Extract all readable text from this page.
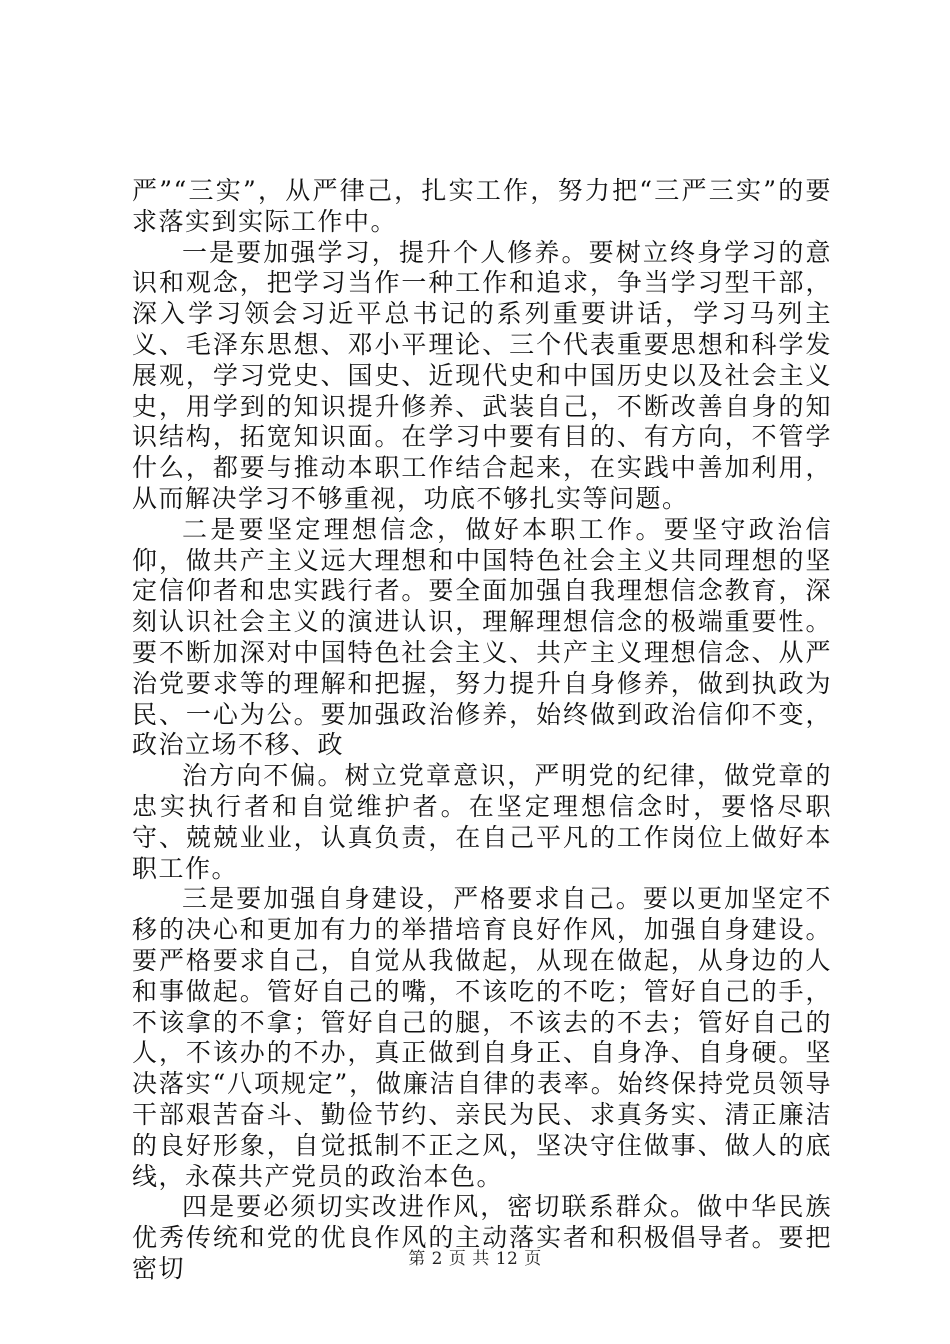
严”“三实”，从严律己，扎实工作，努力把“三严三实”的要求落实到实际工作中。

一是要加强学习，提升个人修养。要树立终身学习的意识和观念，把学习当作一种工作和追求，争当学习型干部，深入学习领会习近平总书记的系列重要讲话，学习马列主义、毛泽东思想、邓小平理论、三个代表重要思想和科学发展观，学习党史、国史、近现代史和中国历史以及社会主义史，用学到的知识提升修养、武装自己，不断改善自身的知识结构，拓宽知识面。在学习中要有目的、有方向，不管学什么，都要与推动本职工作结合起来，在实践中善加利用，从而解决学习不够重视，功底不够扎实等问题。

二是要坚定理想信念，做好本职工作。要坚守政治信仰，做共产主义远大理想和中国特色社会主义共同理想的坚定信仰者和忠实践行者。要全面加强自我理想信念教育，深刻认识社会主义的演进认识，理解理想信念的极端重要性。要不断加深对中国特色社会主义、共产主义理想信念、从严治党要求等的理解和把握，努力提升自身修养，做到执政为民、一心为公。要加强政治修养，始终做到政治信仰不变，政治立场不移、政

治方向不偏。树立党章意识，严明党的纪律，做党章的忠实执行者和自觉维护者。在坚定理想信念时，要恪尽职守、兢兢业业，认真负责，在自己平凡的工作岗位上做好本职工作。

三是要加强自身建设，严格要求自己。要以更加坚定不移的决心和更加有力的举措培育良好作风，加强自身建设。要严格要求自己，自觉从我做起，从现在做起，从身边的人和事做起。管好自己的嘴，不该吃的不吃；管好自己的手，不该拿的不拿；管好自己的腿，不该去的不去；管好自己的人，不该办的不办，真正做到自身正、自身净、自身硬。坚决落实“八项规定”，做廉洁自律的表率。始终保持党员领导干部艰苦奋斗、勤俭节约、亲民为民、求真务实、清正廉洁的良好形象，自觉抵制不正之风，坚决守住做事、做人的底线，永葆共产党员的政治本色。

四是要必须切实改进作风，密切联系群众。做中华民族优秀传统和党的优良作风的主动落实者和积极倡导者。要把密切	第 2 页 共 12 页
